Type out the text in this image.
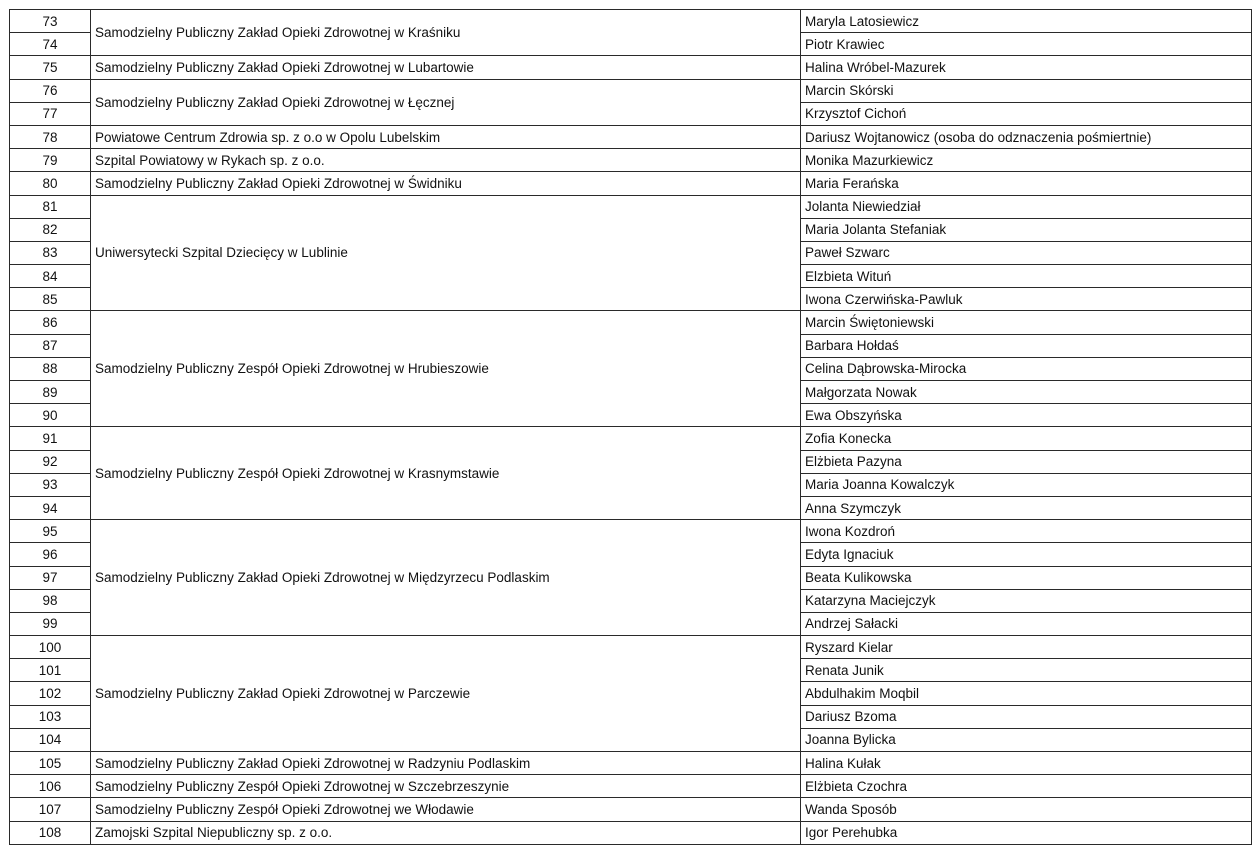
73	Samodzielny Publiczny Zakład Opieki Zdrowotnej w Kraśniku	Maryla Latosiewicz
74		Piotr Krawiec
75	Samodzielny Publiczny Zakład Opieki Zdrowotnej w Lubartowie	Halina Wróbel-Mazurek
76	Samodzielny Publiczny Zakład Opieki Zdrowotnej w Łęcznej	Marcin Skórski
77		Krzysztof Cichoń
78	Powiatowe Centrum Zdrowia sp. z o.o w Opolu Lubelskim	Dariusz Wojtanowicz (osoba do odznaczenia pośmiertnie)
79	Szpital Powiatowy w Rykach sp. z o.o.	Monika Mazurkiewicz
80	Samodzielny Publiczny Zakład Opieki Zdrowotnej w Świdniku	Maria Ferańska
81	Uniwersytecki Szpital Dziecięcy w Lublinie	Jolanta Niewiedział
82		Maria Jolanta Stefaniak
83		Paweł Szwarc
84		Elzbieta Wituń
85		Iwona Czerwińska-Pawluk
86	Samodzielny Publiczny Zespół Opieki Zdrowotnej w Hrubieszowie	Marcin Świętoniewski
87		Barbara Hołdaś
88		Celina Dąbrowska-Mirocka
89		Małgorzata Nowak
90		Ewa Obszyńska
91	Samodzielny Publiczny Zespół Opieki Zdrowotnej w Krasnymstawie	Zofia Konecka
92		Elżbieta Pazyna
93		Maria Joanna Kowalczyk
94		Anna Szymczyk
95	Samodzielny Publiczny Zakład Opieki Zdrowotnej w Międzyrzecu Podlaskim	Iwona Kozdroń
96		Edyta Ignaciuk
97		Beata Kulikowska
98		Katarzyna Maciejczyk
99		Andrzej Sałacki
100	Samodzielny Publiczny Zakład Opieki Zdrowotnej w Parczewie	Ryszard Kielar
101		Renata Junik
102		Abdulhakim Moqbil
103		Dariusz Bzoma
104		Joanna Bylicka
105	Samodzielny Publiczny Zakład Opieki Zdrowotnej w Radzyniu Podlaskim	Halina Kułak
106	Samodzielny Publiczny Zespół Opieki Zdrowotnej w Szczebrzeszynie	Elżbieta Czochra
107	Samodzielny Publiczny Zespół Opieki Zdrowotnej we Włodawie	Wanda Sposób
108	Zamojski Szpital Niepubliczny sp. z o.o.	Igor Perehubka
